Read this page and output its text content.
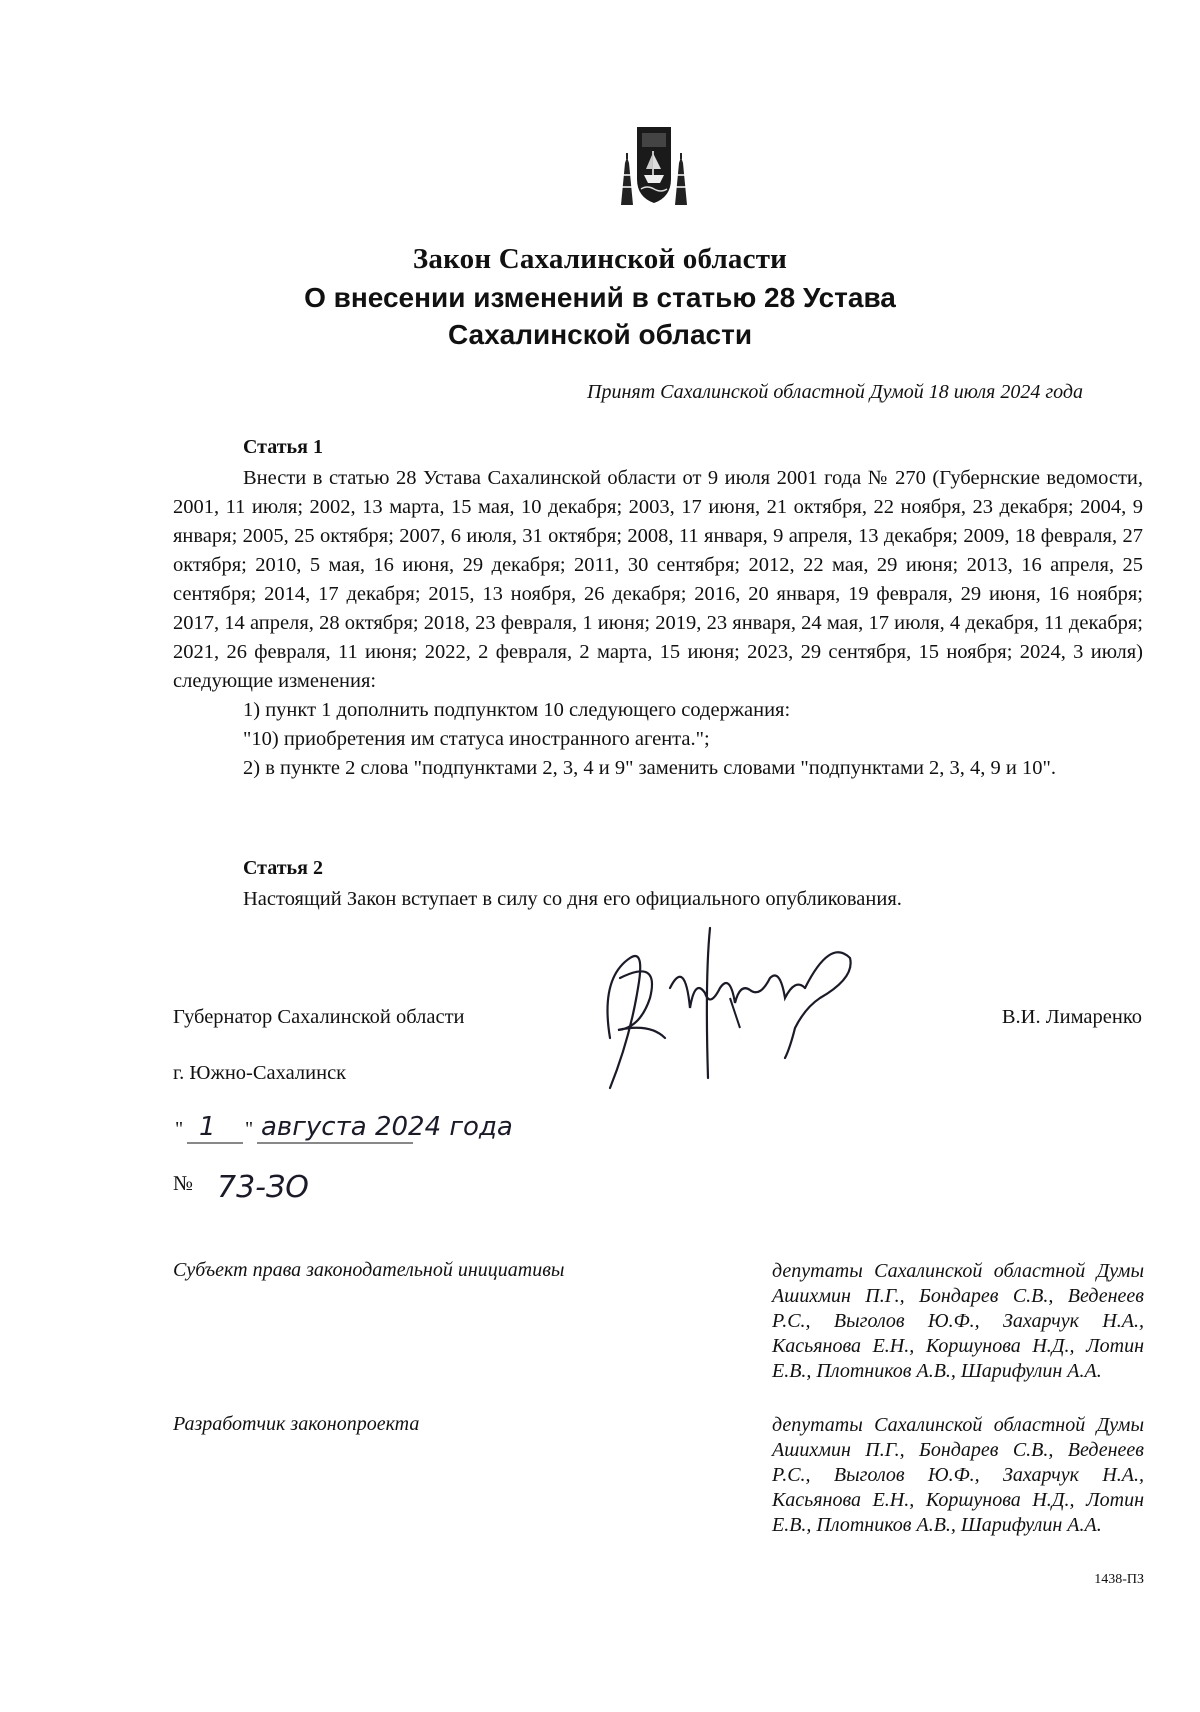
Закон Сахалинской области
О внесении изменений в статью 28 Устава
Сахалинской области
Принят Сахалинской областной Думой 18 июля 2024 года
Статья 1

Внести в статью 28 Устава Сахалинской области от 9 июля 2001 года № 270 (Губернские ведомости, 2001, 11 июля; 2002, 13 марта, 15 мая, 10 декабря; 2003, 17 июня, 21 октября, 22 ноября, 23 декабря; 2004, 9 января; 2005, 25 октября; 2007, 6 июля, 31 октября; 2008, 11 января, 9 апреля, 13 декабря; 2009, 18 февраля, 27 октября; 2010, 5 мая, 16 июня, 29 декабря; 2011, 30 сентября; 2012, 22 мая, 29 июня; 2013, 16 апреля, 25 сентября; 2014, 17 декабря; 2015, 13 ноября, 26 декабря; 2016, 20 января, 19 февраля, 29 июня, 16 ноября; 2017, 14 апреля, 28 октября; 2018, 23 февраля, 1 июня; 2019, 23 января, 24 мая, 17 июля, 4 декабря, 11 декабря; 2021, 26 февраля, 11 июня; 2022, 2 февраля, 2 марта, 15 июня; 2023, 29 сентября, 15 ноября; 2024, 3 июля) следующие изменения:

1) пункт 1 дополнить подпунктом 10 следующего содержания:

"10) приобретения им статуса иностранного агента.";

2) в пункте 2 слова "подпунктами 2, 3, 4 и 9" заменить словами "подпунктами 2, 3, 4, 9 и 10".

Статья 2

Настоящий Закон вступает в силу со дня его официального опубликования.

Губернатор Сахалинской области	В.И. Лимаренко
г. Южно-Сахалинск
" 1 " августа 2024 года
№ 73-ЗО
Субъект права законодательной инициативы	депутаты Сахалинской областной Думы Ашихмин П.Г., Бондарев С.В., Веденеев Р.С., Выголов Ю.Ф., Захарчук Н.А., Касьянова Е.Н., Коршунова Н.Д., Лотин Е.В., Плотников А.В., Шарифулин А.А.
Разработчик законопроекта	депутаты Сахалинской областной Думы Ашихмин П.Г., Бондарев С.В., Веденеев Р.С., Выголов Ю.Ф., Захарчук Н.А., Касьянова Е.Н., Коршунова Н.Д., Лотин Е.В., Плотников А.В., Шарифулин А.А.
1438-ПЗ
